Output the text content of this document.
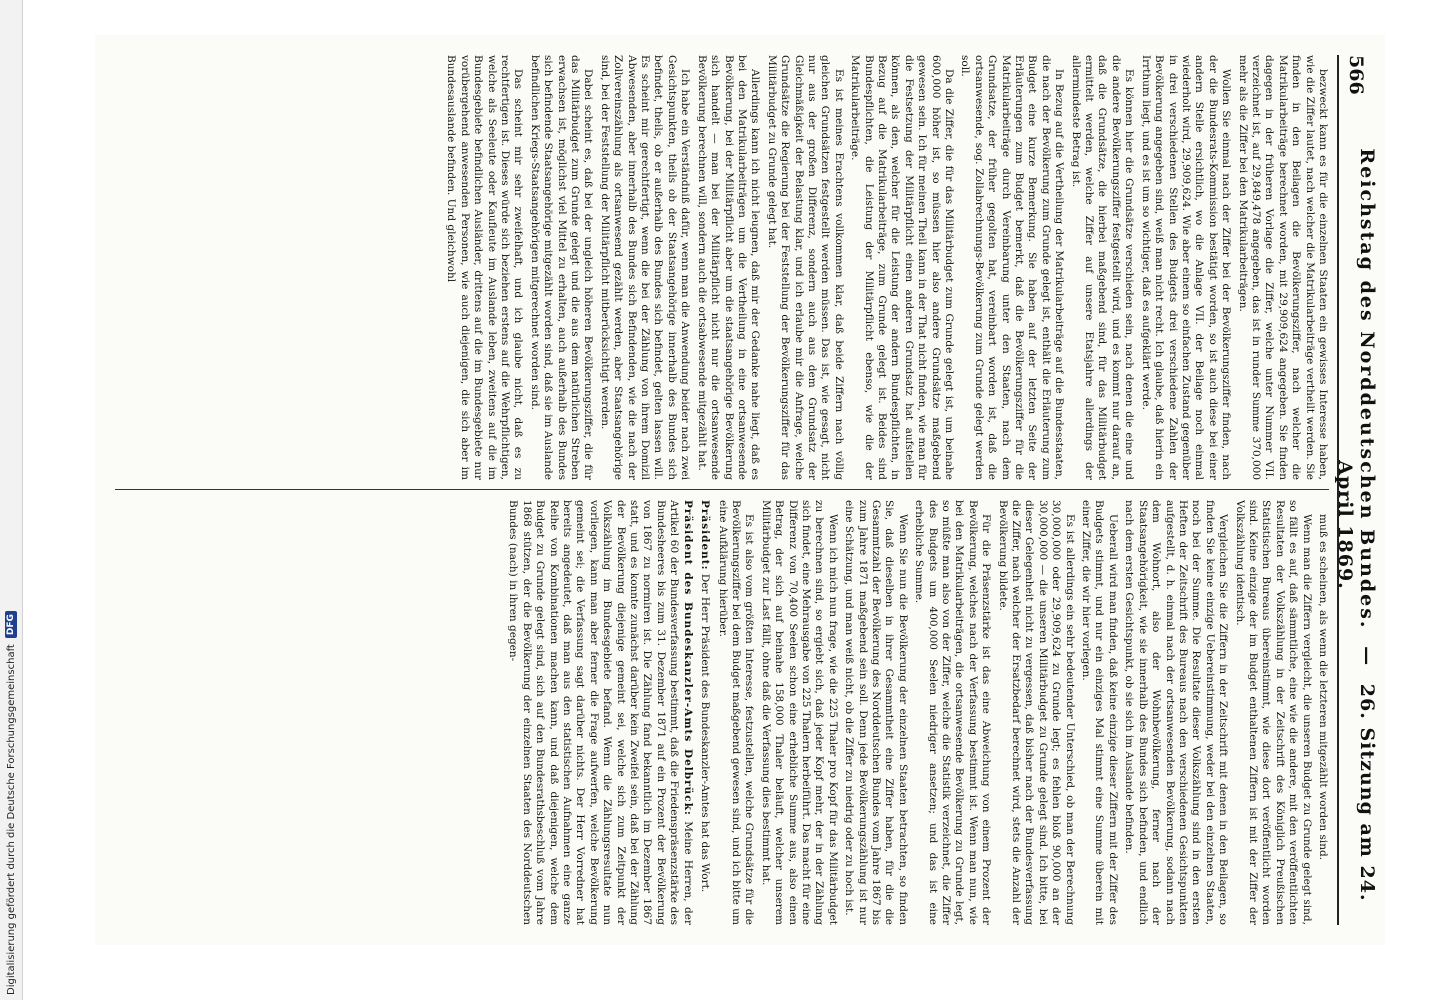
Digitalisierung gefördert durch die Deutsche Forschungsgemeinschaft
DFG
566
Reichstag des Norddeutschen Bundes. — 26. Sitzung am 24. April 1869.

bezweckt kann es für die einzelnen Staaten ein gewisses Interesse haben, wie die Ziffer lautet, nach welcher die Matrikularbeiträge vertheilt werden. Sie finden in den Beilagen die Bevölkerungsziffer, nach welcher die Matrikularbeiträge berechnet worden, mit 29,909,624 angegeben. Sie finden dagegen in der früheren Vorlage die Ziffer, welche unter Nummer VII. verzeichnet ist, auf 29,849,478 angegeben, das ist in runder Summe 370,000 mehr als die Ziffer bei den Matrikularbeiträgen.

Wollen Sie einmal nach der Ziffer bei der Bevölkerungsziffer finden, nach der die Bundesrats-Kommission bestätigt worden, so ist auch diese bei einer andern Stelle ersichtlich, wo die Anlage VII. der Beilage noch einmal wiederholt wird, 29,909,624. Wie aber einem so einfachen Zustand gegenüber in drei verschiedenen Stellen des Budgets drei verschiedene Zahlen der Bevölkerung angegeben sind, weiß man nicht recht. Ich glaube, daß hierin ein Irrthum liegt, und es ist um so wichtiger, daß es aufgeklärt werde.

Es können hier die Grundsätze verschieden sein, nach denen die eine und die andere Bevölkerungsziffer festgestellt wird, und es kommt nur darauf an, daß die Grundsätze, die hierbei maßgebend sind, für das Militärbudget ermittelt werden, welche Ziffer auf unsere Etatsjahre allerdings der allermindeste Betrag ist.

In Bezug auf die Vertheilung der Matrikularbeiträge auf die Bundesstaaten, die nach der Bevölkerung zum Grunde gelegt ist, enthält die Erläuterung zum Budget eine kurze Bemerkung. Sie haben auf der letzten Seite der Erläuterungen zum Budget bemerkt, daß die Bevölkerungsziffer für die Matrikularbeiträge durch Vereinbarung unter den Staaten, nach dem Grundsatze, der früher gegolten hat, vereinbart worden ist, daß die ortsanwesende, sog. Zollabrechnungs-Bevölkerung zum Grunde gelegt werden soll.

Da die Ziffer, die für das Militärbudget zum Grunde gelegt ist, um beinahe 600,000 höher ist, so müssen hier also andere Grundsätze maßgebend gewesen sein. Ich für meinen Theil kann in der That nicht finden, wie man für die Festsetzung der Militärpflicht einen anderen Grundsatz hat aufstellen können, als den, welcher für die Leistung der andern Bundespflichten, in Bezug auf die Matrikularbeiträge, zum Grunde gelegt ist. Beides sind Bundespflichten, die Leistung der Militärpflicht ebenso, wie die der Matrikularbeiträge.

Es ist meines Erachtens vollkommen klar, daß beide Ziffern nach völlig gleichen Grundsätzen festgestellt werden müssen. Das ist, wie gesagt, nicht nur aus der großen Differenz, sondern auch aus dem Grundsatz der Gleichmäßigkeit der Belastung klar, und ich erlaube mir die Anfrage, welche Grundsätze die Regierung bei der Feststellung der Bevölkerungsziffer für das Militärbudget zu Grunde gelegt hat.

Allerdings kann ich nicht leugnen, daß mir der Gedanke nahe liegt, daß es bei den Matrikularbeiträgen um die Vertheilung in eine ortsanwesende Bevölkerung, bei der Militärpflicht aber um die staatsangehörige Bevölkerung sich handelt — man bei der Militärpflicht nicht nur die ortsanwesende Bevölkerung berechnen will, sondern auch die ortsabwesende mitgezählt hat.

Ich habe ein Verständniß dafür, wenn man die Anwendung beider nach zwei Gesichtspunkten, theils ob der Staatsangehörige innerhalb des Bundes sich befindet, theils, ob er außerhalb des Bundes sich befindet, gelten lassen will. Es scheint mir gerechtfertigt, wenn die bei der Zählung von ihrem Domizil Abwesenden, aber innerhalb des Bundes sich Befindenden, wie die nach der Zollvereinszählung als ortsanwesend gezählt werden, aber Staatsangehörige sind, bei der Feststellung der Militärpflicht mitberücksichtigt werden.

Dabei scheint es, daß bei der ungleich höheren Bevölkerungsziffer, die für das Militärbudget zum Grunde gelegt und die aus dem natürlichen Streben erwachsen ist, möglichst viel Mittel zu erhalten, auch außerhalb des Bundes sich befindende Staatsangehörige mitgezählt worden sind, daß sie im Auslande befindlichen Kriegs-Staatsangehörigen mitgerechnet worden sind.

Das scheint mir sehr zweifelhaft, und ich glaube nicht, daß es zu rechtfertigen ist. Dieses würde sich beziehen erstens auf die Wehrpflichtigen, welche als Seeleute oder Kaufleute im Auslande leben, zweitens auf die im Bundesgebiete befindlichen Ausländer, drittens auf die im Bundesgebiete nur vorübergehend anwesenden Personen, wie auch diejenigen, die sich aber im Bundesauslande befinden. Und gleichwohl

muß es scheinen, als wenn die letzteren mitgezählt worden sind.

Wenn man die Ziffern vergleicht, die unseren Budget zu Grunde gelegt sind, so fällt es auf, daß sämmtliche, eine wie die andere, mit den veröffentlichten Resultaten der Volkszählung in der Zeitschrift des Königlich Preußischen Statistischen Bureaus übereinstimmt, wie diese dort veröffentlicht worden sind. Keine einzige der im Budget enthaltenen Ziffern ist mit der Ziffer der Volkszählung identisch.

Vergleichen Sie die Ziffern in der Zeitschrift mit denen in den Beilagen, so finden Sie keine einzige Uebereinstimmung, weder bei den einzelnen Staaten, noch bei der Summe. Die Resultate dieser Volkszählung sind in den ersten Heften der Zeitschrift des Bureaus nach den verschiedenen Gesichtspunkten aufgestellt, d. h. einmal nach der ortsanwesenden Bevölkerung, sodann nach dem Wohnort, also der Wohnbevölkerung, ferner nach der Staatsangehörigkeit, wie sie innerhalb des Bundes sich befinden, und endlich nach dem ersten Gesichtspunkt, ob sie sich im Auslande befinden.

Ueberall wird man finden, daß keine einzige dieser Ziffern mit der Ziffer des Budgets stimmt, und nur ein einziges Mal stimmt eine Summe überein mit einer Ziffer, die wir hier vorlegen.

Es ist allerdings ein sehr bedeutender Unterschied, ob man der Berechnung 30,000,000 oder 29,909,624 zu Grunde legt; es fehlen bloß 90,000 an der 30,000,000 — die unseren Militärbudget zu Grunde gelegt sind. Ich bitte, bei dieser Gelegenheit nicht zu vergessen, daß bisher nach der Bundesverfassung die Ziffer, nach welcher der Ersatzbedarf berechnet wird, stets die Anzahl der Bevölkerung bildete.

Für die Präsenzstärke ist das eine Abweichung von einem Prozent der Bevölkerung, welches nach der Verfassung bestimmt ist. Wenn man nun, wie bei den Matrikularbeiträgen, die ortsanwesende Bevölkerung zu Grunde legt, so müßte man also von der Ziffer, welche die Statistik verzeichnet, die Ziffer des Budgets um 400,000 Seelen niedriger ansetzen; und das ist eine erhebliche Summe.

Wenn Sie nun die Bevölkerung der einzelnen Staaten betrachten, so finden Sie, daß dieselben in ihrer Gesammtheit eine Ziffer haben, für die die Gesammtzahl der Bevölkerung des Norddeutschen Bundes vom Jahre 1867 bis zum Jahre 1871 maßgebend sein soll. Denn jede Bevölkerungszählung ist nur eine Schätzung, und man weiß nicht, ob die Ziffer zu niedrig oder zu hoch ist.

Wenn ich mich nun frage, wie die 225 Thaler pro Kopf für das Militärbudget zu berechnen sind, so ergiebt sich, daß jeder Kopf mehr, der in der Zählung sich findet, eine Mehrausgabe von 225 Thalern herbeiführt. Das macht für eine Differenz von 70,400 Seelen schon eine erhebliche Summe aus, also einen Betrag, der sich auf beinahe 158,000 Thaler beläuft, welcher unserem Militärbudget zur Last fällt, ohne daß die Verfassung dies bestimmt hat.

Es ist also vom größten Interesse, festzustellen, welche Grundsätze für die Bevölkerungsziffer bei dem Budget maßgebend gewesen sind, und ich bitte um eine Aufklärung hierüber.

Präsident: Der Herr Präsident des Bundeskanzler-Amtes hat das Wort.

Präsident des Bundeskanzler-Amts Delbrück: Meine Herren, der Artikel 60 der Bundesverfassung bestimmt, daß die Friedenspräsenzstärke des Bundesheeres bis zum 31. Dezember 1871 auf ein Prozent der Bevölkerung von 1867 zu normiren ist. Die Zählung fand bekanntlich im Dezember 1867 statt, und es konnte zunächst darüber kein Zweifel sein, daß bei der Zählung der Bevölkerung diejenige gemeint sei, welche sich zum Zeitpunkt der Volkszählung im Bundesgebiete befand. Wenn die Zählungsresultate nun vorliegen, kann man aber ferner die Frage aufwerfen, welche Bevölkerung gemeint sei; die Verfassung sagt darüber nichts. Der Herr Vorredner hat bereits angedeutet, daß man aus den statistischen Aufnahmen eine ganze Reihe von Kombinationen machen kann, und daß diejenigen, welche dem Budget zu Grunde gelegt sind, sich auf den Bundesrathsbeschluß vom Jahre 1868 stützen, der die Bevölkerung der einzelnen Staaten des Norddeutschen Bundes (nach) in ihren gegen-
